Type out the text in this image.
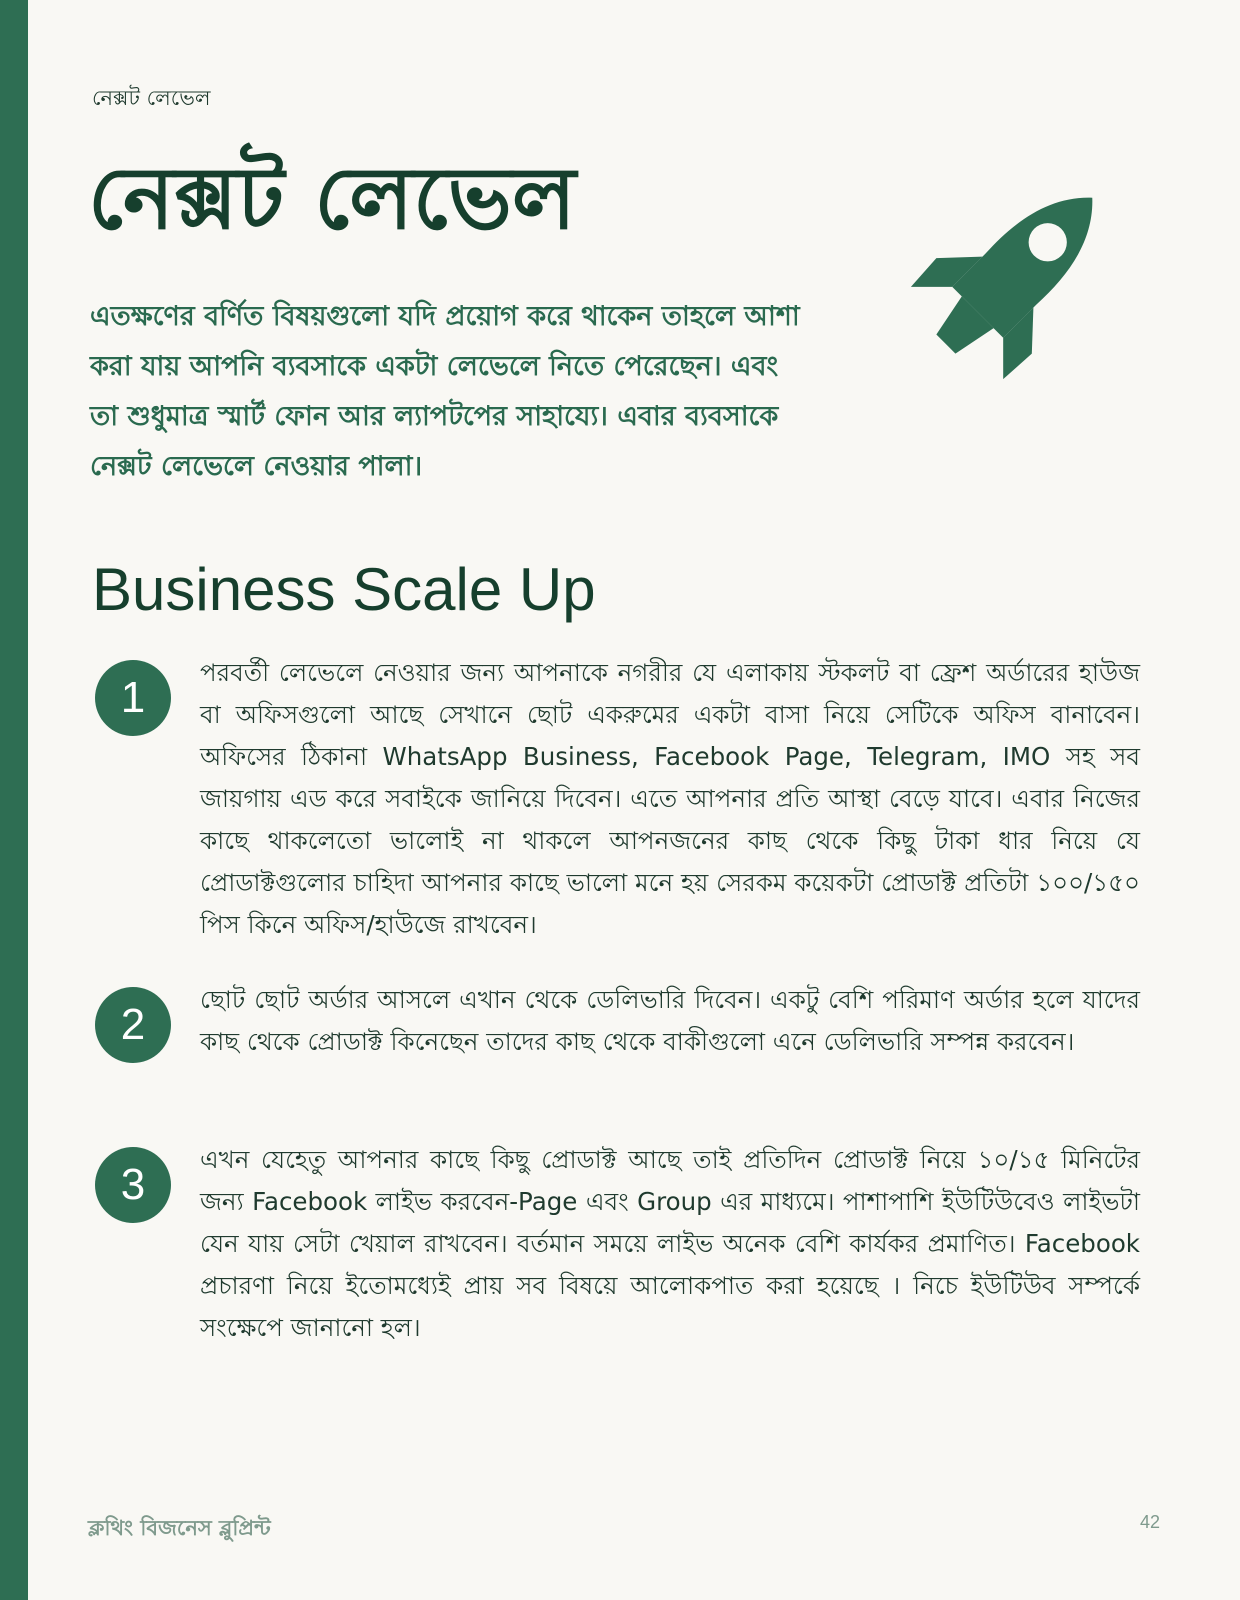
নেক্সট লেভেল
নেক্সট লেভেল

এতক্ষণের বর্ণিত বিষয়গুলো যদি প্রয়োগ করে থাকেন তাহলে আশা করা যায় আপনি ব্যবসাকে একটা লেভেলে নিতে পেরেছেন। এবং তা শুধুমাত্র স্মার্ট ফোন আর ল্যাপটপের সাহায্যে। এবার ব্যবসাকে নেক্সট লেভেলে নেওয়ার পালা।

Business Scale Up
1

পরবর্তী লেভেলে নেওয়ার জন্য আপনাকে নগরীর যে এলাকায় স্টকলট বা ফ্রেশ অর্ডারের হাউজ বা অফিসগুলো আছে সেখানে ছোট একরুমের একটা বাসা নিয়ে সেটিকে অফিস বানাবেন। অফিসের ঠিকানা WhatsApp Business, Facebook Page, Telegram, IMO সহ সব জায়গায় এড করে সবাইকে জানিয়ে দিবেন। এতে আপনার প্রতি আস্থা বেড়ে যাবে। এবার নিজের কাছে থাকলেতো ভালোই না থাকলে আপনজনের কাছ থেকে কিছু টাকা ধার নিয়ে যে প্রোডাক্টগুলোর চাহিদা আপনার কাছে ভালো মনে হয় সেরকম কয়েকটা প্রোডাক্ট প্রতিটা ১০০/১৫০ পিস কিনে অফিস/হাউজে রাখবেন।

2

ছোট ছোট অর্ডার আসলে এখান থেকে ডেলিভারি দিবেন। একটু বেশি পরিমাণ অর্ডার হলে যাদের কাছ থেকে প্রোডাক্ট কিনেছেন তাদের কাছ থেকে বাকীগুলো এনে ডেলিভারি সম্পন্ন করবেন।

3

এখন যেহেতু আপনার কাছে কিছু প্রোডাক্ট আছে তাই প্রতিদিন প্রোডাক্ট নিয়ে ১০/১৫ মিনিটের জন্য Facebook লাইভ করবেন-Page এবং Group এর মাধ্যমে। পাশাপাশি ইউটিউবেও লাইভটা যেন যায় সেটা খেয়াল রাখবেন। বর্তমান সময়ে লাইভ অনেক বেশি কার্যকর প্রমাণিত। Facebook প্রচারণা নিয়ে ইতোমধ্যেই প্রায় সব বিষয়ে আলোকপাত করা হয়েছে । নিচে ইউটিউব সম্পর্কে সংক্ষেপে জানানো হল।

ক্লথিং বিজনেস ব্লুপ্রিন্ট	42
